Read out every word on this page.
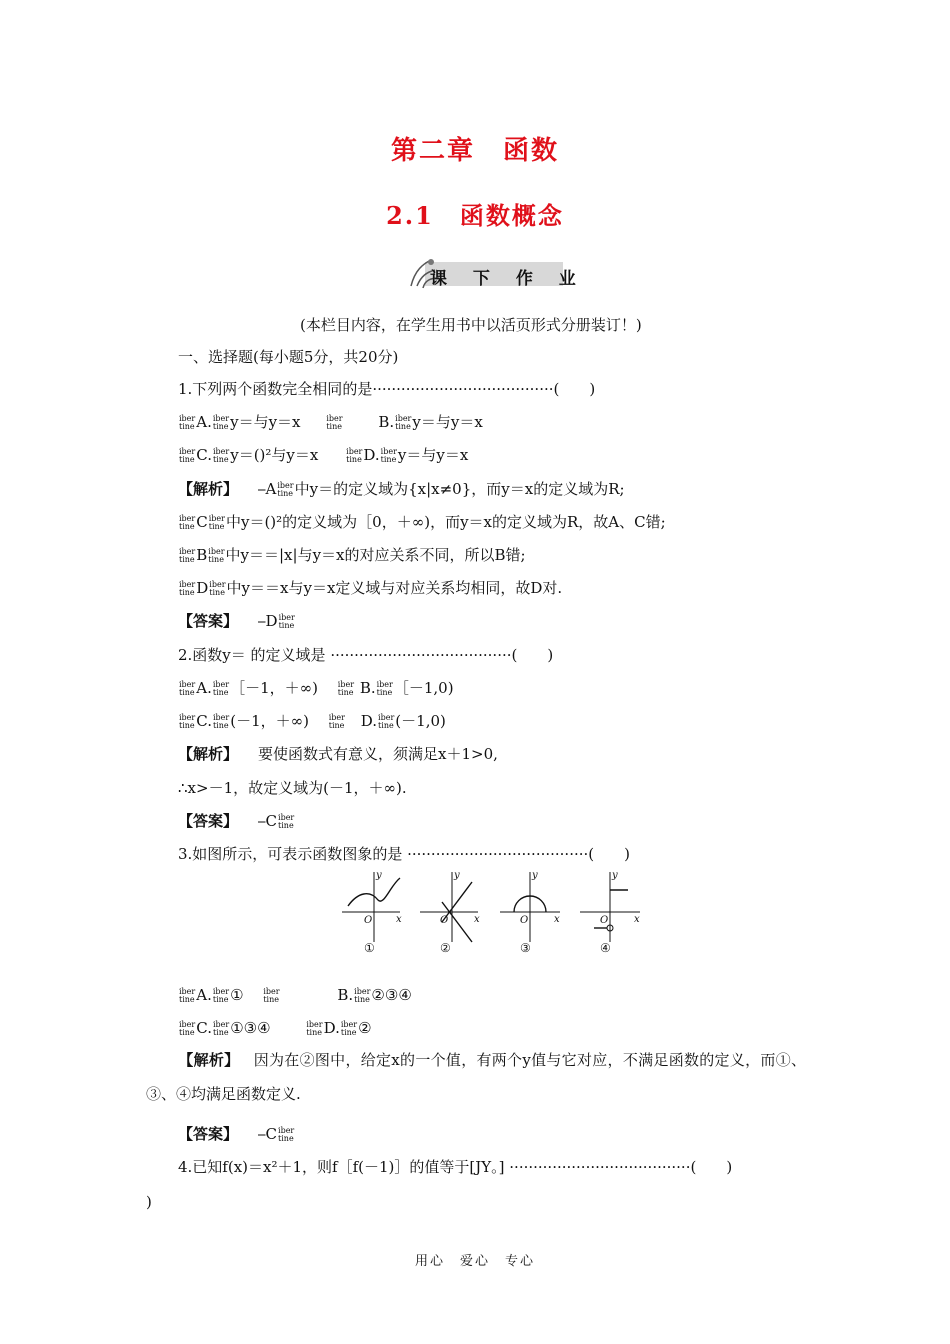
第二章　函数
2.1　函数概念
课 下 作 业
(本栏目内容，在学生用书中以活页形式分册装订！)
一、选择题(每小题5分，共20分)
1.下列两个函数完全相同的是······································(　　)
iber
tine A. iber
tine y＝与y＝x	iber
tine B. iber
tine y＝与y＝x
iber
tine C. iber
tine y＝()²与y＝x	iber
tine D. iber
tine y＝与y＝x
【解析】 ⎯A iber
tine 中y＝的定义域为{x|x≠0}，而y＝x的定义域为R;
iber
tine C iber
tine 中y＝()²的定义域为［0，＋∞)，而y＝x的定义域为R，故A、C错;
iber
tine B iber
tine 中y＝＝|x|与y＝x的对应关系不同，所以B错;
iber
tine D iber
tine 中y＝＝x与y＝x定义域与对应关系均相同，故D对.
【答案】 ⎯D iber
tine
2.函数y＝ 的定义域是 ······································(　　)
iber
tine A. iber
tine ［－1，＋∞) iber
tine B. iber
tine ［－1,0)
iber
tine C. iber
tine (－1，＋∞) iber
tine D. iber
tine (－1,0)
【解析】 要使函数式有意义，须满足x＋1>0,
∴x>－1，故定义域为(－1，＋∞).
【答案】 ⎯C iber
tine
3.如图所示，可表示函数图象的是 ······································(　　)
y
x
O
①
y
x
O
②
y
x
O
③
y
x
O
④
iber
tine A. iber
tine ① iber
tine	B. iber
tine ②③④
iber
tine C. iber
tine ①③④	iber
tine D. iber
tine ②
【解析】 因为在②图中，给定x的一个值，有两个y值与它对应，不满足函数的定义，而①、③、④均满足函数定义.
【答案】 ⎯C iber
tine
4.已知f(x)＝x²＋1，则f［f(－1)］的值等于[JY。] ······································(　　)
)
用心　爱心　专心
